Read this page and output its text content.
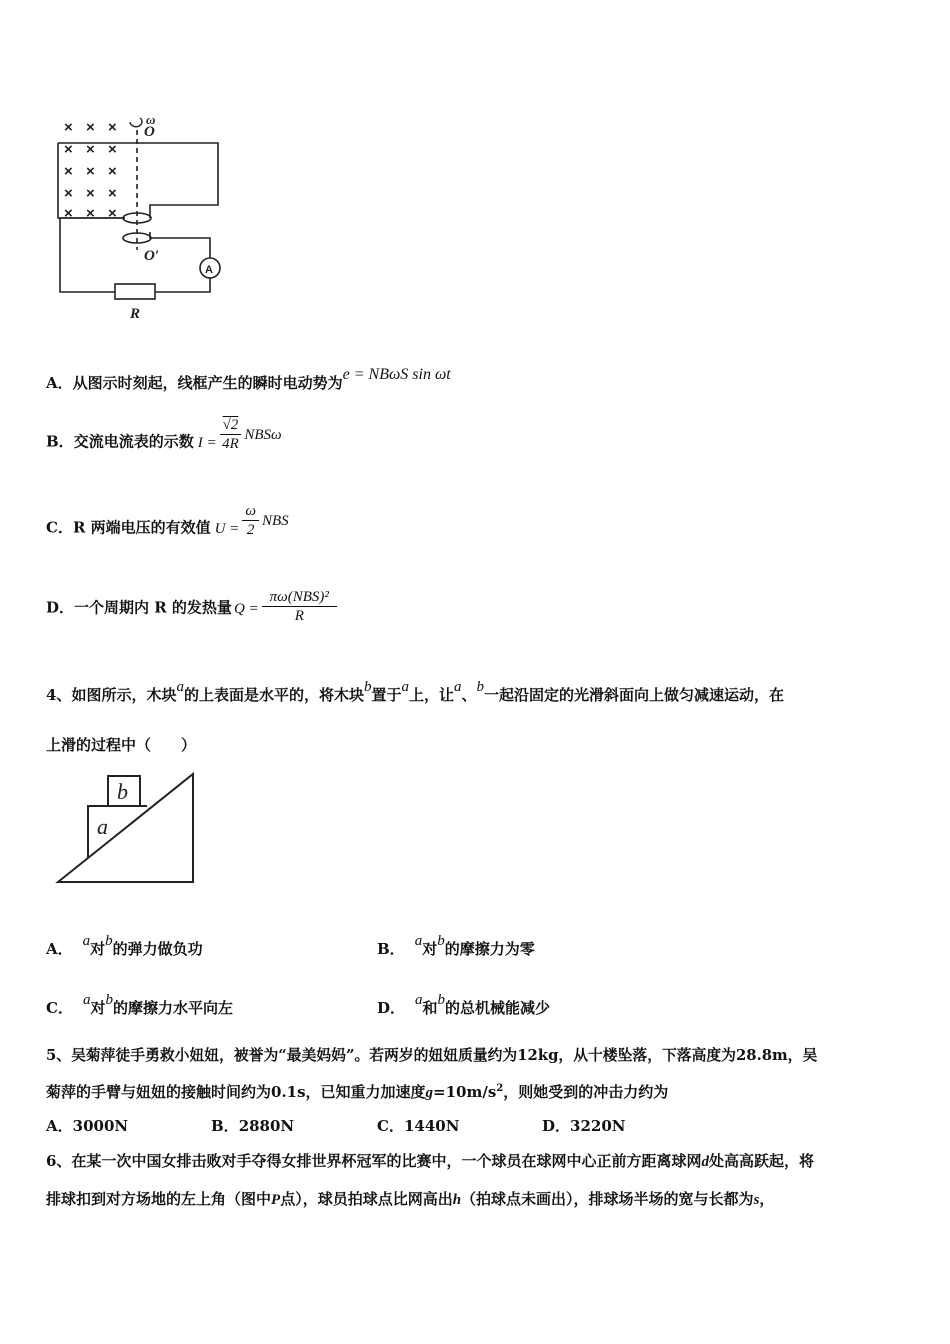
× × ×
× × ×
× × ×
× × ×
× × ×
O
ω
O′
R
A
A．从图示时刻起，线框产生的瞬时电动势为e = NBωS sin ωt
B．交流电流表的示数 $I = \frac{√2}{4R}$ NBSω
C．R 两端电压的有效值 $U = \frac{\omega}{2}$ NBS
D．一个周期内 R 的发热量 $Q = \frac{\text{πω(NBS)²}}{R}$
4、如图所示，木块a的上表面是水平的，将木块b置于a上，让a、b一起沿固定的光滑斜面向上做匀减速运动，在
上滑的过程中（　　）
b
a
A． a对b的弹力做负功	B． a对b的摩擦力为零
C． a对b的摩擦力水平向左	D． a和b的总机械能减少
5、吴菊萍徒手勇救小妞妞，被誉为“最美妈妈”。若两岁的妞妞质量约为12kg，从十楼坠落，下落高度为28.8m，吴
菊萍的手臂与妞妞的接触时间约为0.1s，已知重力加速度$g=10m/s^2$，则她受到的冲击力约为
A．3000N	B．2880N	C．1440N	D．3220N
6、在某一次中国女排击败对手夺得女排世界杯冠军的比赛中，一个球员在球网中心正前方距离球网d处高高跃起，将
排球扣到对方场地的左上角（图中P点），球员拍球点比网高出h（拍球点未画出），排球场半场的宽与长都为s，
